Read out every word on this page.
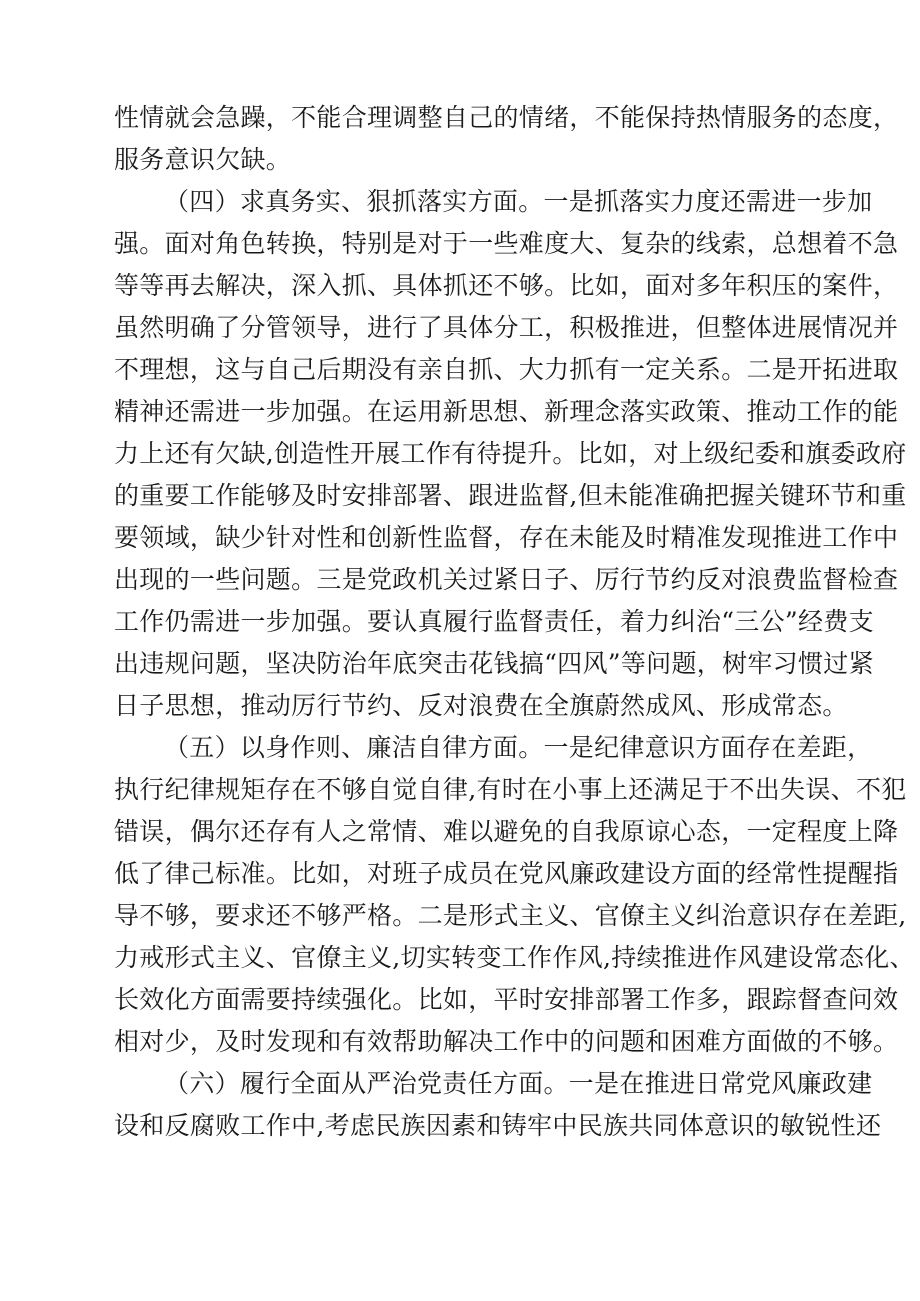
性情就会急躁，不能合理调整自己的情绪，不能保持热情服务的态度，
服务意识欠缺。
（四）求真务实、狠抓落实方面。一是抓落实力度还需进一步加
强。面对角色转换，特别是对于一些难度大、复杂的线索，总想着不急
等等再去解决，深入抓、具体抓还不够。比如，面对多年积压的案件，
虽然明确了分管领导，进行了具体分工，积极推进，但整体进展情况并
不理想，这与自己后期没有亲自抓、大力抓有一定关系。二是开拓进取
精神还需进一步加强。在运用新思想、新理念落实政策、推动工作的能
力上还有欠缺,创造性开展工作有待提升。比如，对上级纪委和旗委政府
的重要工作能够及时安排部署、跟进监督,但未能准确把握关键环节和重
要领域，缺少针对性和创新性监督，存在未能及时精准发现推进工作中
出现的一些问题。三是党政机关过紧日子、厉行节约反对浪费监督检查
工作仍需进一步加强。要认真履行监督责任，着力纠治“三公”经费支
出违规问题，坚决防治年底突击花钱搞“四风”等问题，树牢习惯过紧
日子思想，推动厉行节约、反对浪费在全旗蔚然成风、形成常态。
（五）以身作则、廉洁自律方面。一是纪律意识方面存在差距，
执行纪律规矩存在不够自觉自律,有时在小事上还满足于不出失误、不犯
错误，偶尔还存有人之常情、难以避免的自我原谅心态，一定程度上降
低了律己标准。比如，对班子成员在党风廉政建设方面的经常性提醒指
导不够，要求还不够严格。二是形式主义、官僚主义纠治意识存在差距,
力戒形式主义、官僚主义,切实转变工作作风,持续推进作风建设常态化、
长效化方面需要持续强化。比如，平时安排部署工作多，跟踪督查问效
相对少，及时发现和有效帮助解决工作中的问题和困难方面做的不够。
（六）履行全面从严治党责任方面。一是在推进日常党风廉政建
设和反腐败工作中,考虑民族因素和铸牢中民族共同体意识的敏锐性还
